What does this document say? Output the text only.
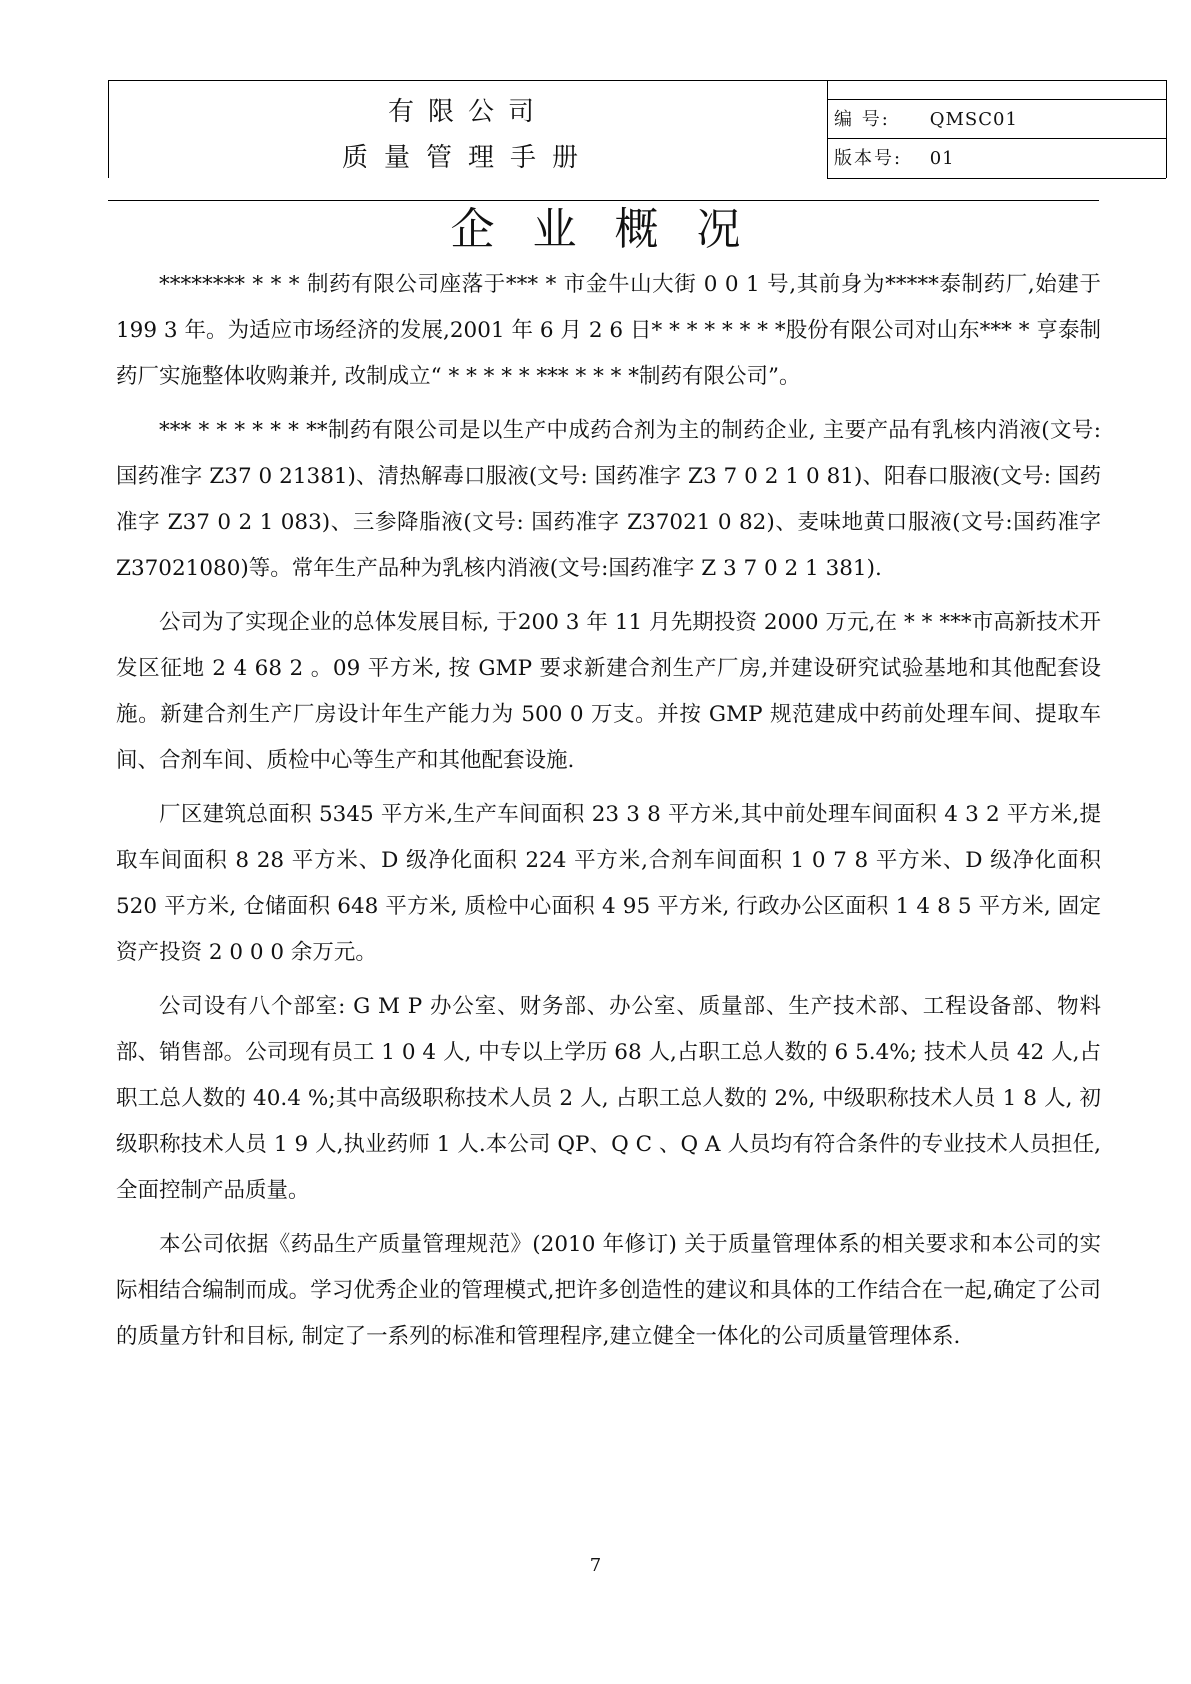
有限公司
质量管理手册
编 号: QMSC01
版本号: 01
企业概况

******** * * * 制药有限公司座落于*** * 市金牛山大街 0 0 1 号,其前身为*****泰制药厂,始建于 199 3 年。为适应市场经济的发展,2001 年 6 月 2 6 日* * * * * * * *股份有限公司对山东*** * 亨泰制药厂实施整体收购兼并, 改制成立“ * * * * * *** * * * *制药有限公司”。

*** * * * * * * **制药有限公司是以生产中成药合剂为主的制药企业, 主要产品有乳核内消液(文号:国药准字 Z37 0 21381)、清热解毒口服液(文号: 国药准字 Z3 7 0 2 1 0 81)、阳春口服液(文号: 国药准字 Z37 0 2 1 083)、三参降脂液(文号: 国药准字 Z37021 0 82)、麦味地黄口服液(文号:国药准字 Z37021080)等。常年生产品种为乳核内消液(文号:国药准字 Z 3 7 0 2 1 381).

公司为了实现企业的总体发展目标, 于200 3 年 11 月先期投资 2000 万元,在 * * ***市高新技术开发区征地 2 4 68 2 。09 平方米, 按 GMP 要求新建合剂生产厂房,并建设研究试验基地和其他配套设施。新建合剂生产厂房设计年生产能力为 500 0 万支。并按 GMP 规范建成中药前处理车间、提取车间、合剂车间、质检中心等生产和其他配套设施.

厂区建筑总面积 5345 平方米,生产车间面积 23 3 8 平方米,其中前处理车间面积 4 3 2 平方米,提取车间面积 8 28 平方米、D 级净化面积 224 平方米,合剂车间面积 1 0 7 8 平方米、D 级净化面积 520 平方米, 仓储面积 648 平方米, 质检中心面积 4 95 平方米, 行政办公区面积 1 4 8 5 平方米, 固定资产投资 2 0 0 0 余万元。

公司设有八个部室: G M P 办公室、财务部、办公室、质量部、生产技术部、工程设备部、物料部、销售部。公司现有员工 1 0 4 人, 中专以上学历 68 人,占职工总人数的 6 5.4%; 技术人员 42 人,占职工总人数的 40.4 %;其中高级职称技术人员 2 人, 占职工总人数的 2%, 中级职称技术人员 1 8 人, 初级职称技术人员 1 9 人,执业药师 1 人.本公司 QP、Q C 、Q A 人员均有符合条件的专业技术人员担任,全面控制产品质量。

本公司依据《药品生产质量管理规范》(2010 年修订) 关于质量管理体系的相关要求和本公司的实际相结合编制而成。学习优秀企业的管理模式,把许多创造性的建议和具体的工作结合在一起,确定了公司的质量方针和目标, 制定了一系列的标准和管理程序,建立健全一体化的公司质量管理体系.

7
